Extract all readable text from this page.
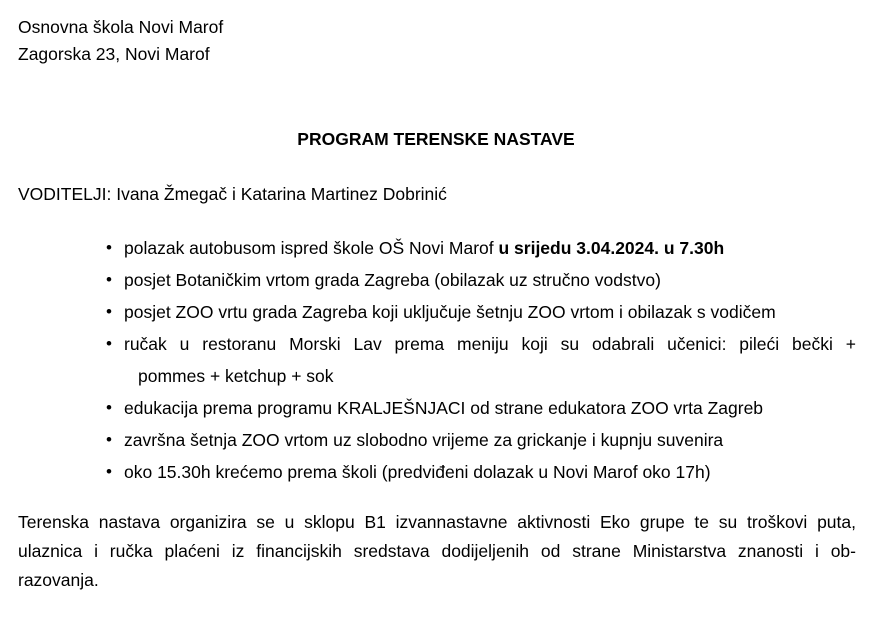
Osnovna škola Novi Marof
Zagorska 23, Novi Marof
PROGRAM TERENSKE NASTAVE
VODITELJI: Ivana Žmegač i Katarina Martinez Dobrinić
• polazak autobusom ispred škole OŠ Novi Marof u srijedu 3.04.2024. u 7.30h
• posjet Botaničkim vrtom grada Zagreba (obilazak uz stručno vodstvo)
• posjet ZOO vrtu grada Zagreba koji uključuje šetnju ZOO vrtom i obilazak s vodičem
• ručak u restoranu Morski Lav prema meniju koji su odabrali učenici: pileći bečki +
pommes + ketchup + sok
• edukacija prema programu KRALJEŠNJACI od strane edukatora ZOO vrta Zagreb
• završna šetnja ZOO vrtom uz slobodno vrijeme za grickanje i kupnju suvenira
• oko 15.30h krećemo prema školi (predviđeni dolazak u Novi Marof oko 17h)
Terenska nastava organizira se u sklopu B1 izvannastavne aktivnosti Eko grupe te su troškovi puta,
ulaznica i ručka plaćeni iz financijskih sredstava dodijeljenih od strane Ministarstva znanosti i ob-
razovanja.
